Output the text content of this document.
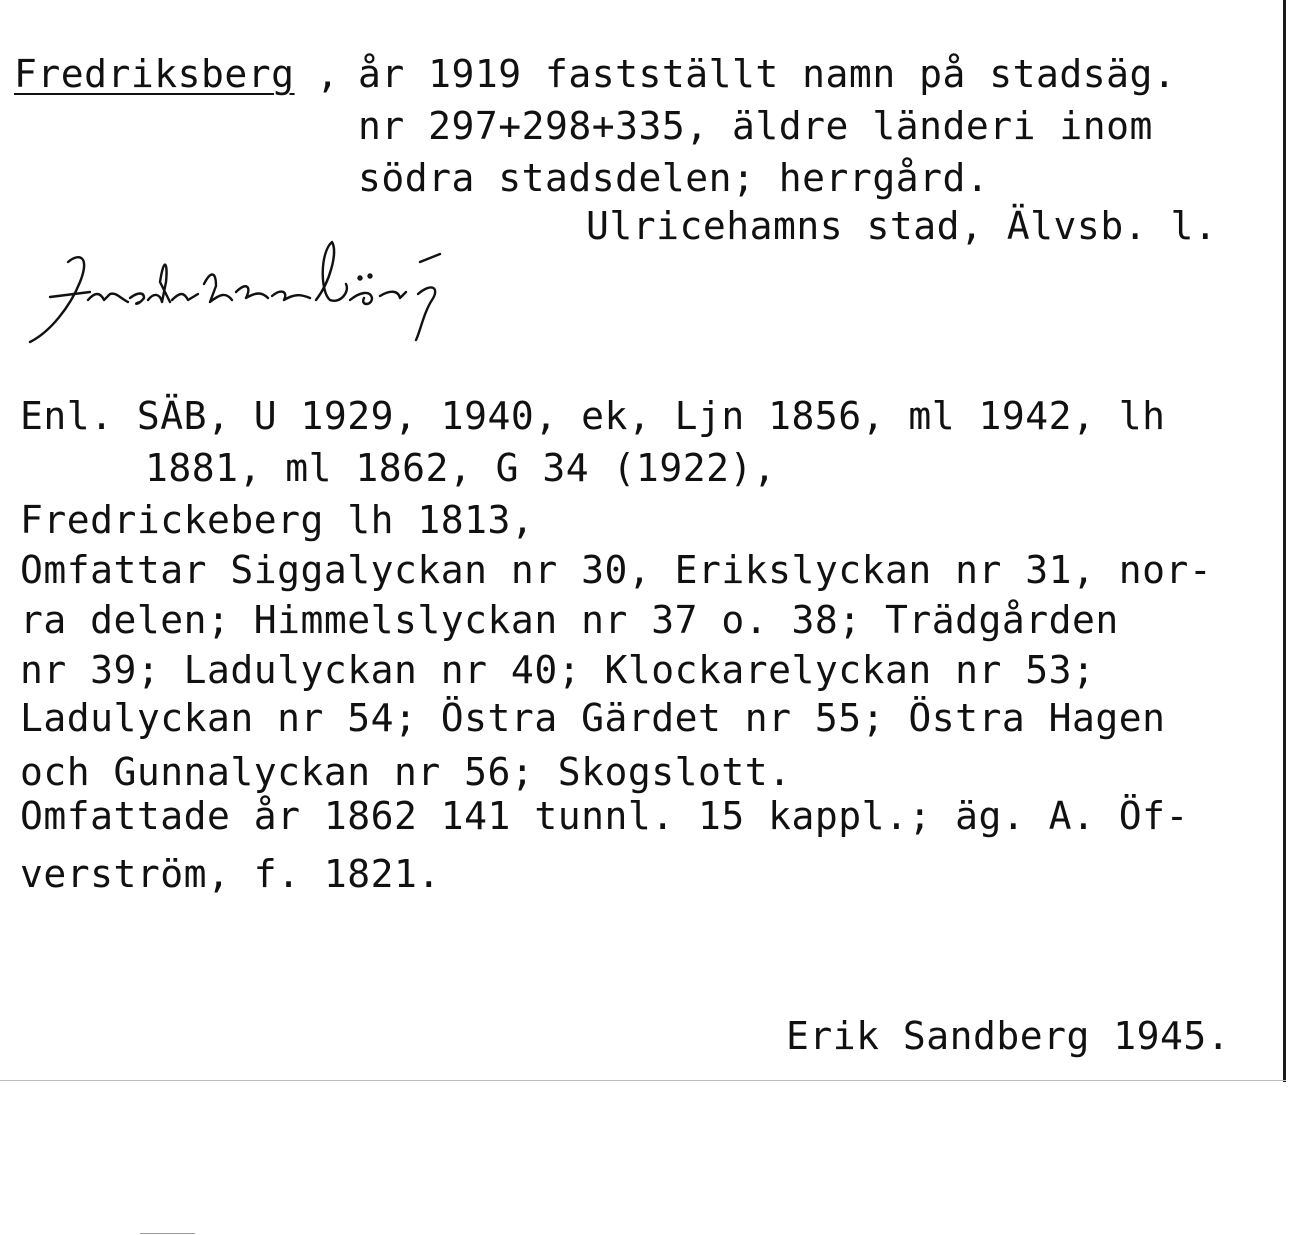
Fredriksberg , år 1919 fastställt namn på stadsäg.
nr 297+298+335, äldre länderi inom
södra stadsdelen; herrgård.
Ulricehamns stad, Älvsb. l.
Enl. SÄB, U 1929, 1940, ek, Ljn 1856, ml 1942, lh
1881, ml 1862, G 34 (1922),
Fredrickeberg lh 1813,
Omfattar Siggalyckan nr 30, Erikslyckan nr 31, nor-
ra delen; Himmelslyckan nr 37 o. 38; Trädgården
nr 39; Ladulyckan nr 40; Klockarelyckan nr 53;
Ladulyckan nr 54; Östra Gärdet nr 55; Östra Hagen
och Gunnalyckan nr 56; Skogslott.
Omfattade år 1862 141 tunnl. 15 kappl.; äg. A. Öf-
verström, f. 1821.
Erik Sandberg 1945.
